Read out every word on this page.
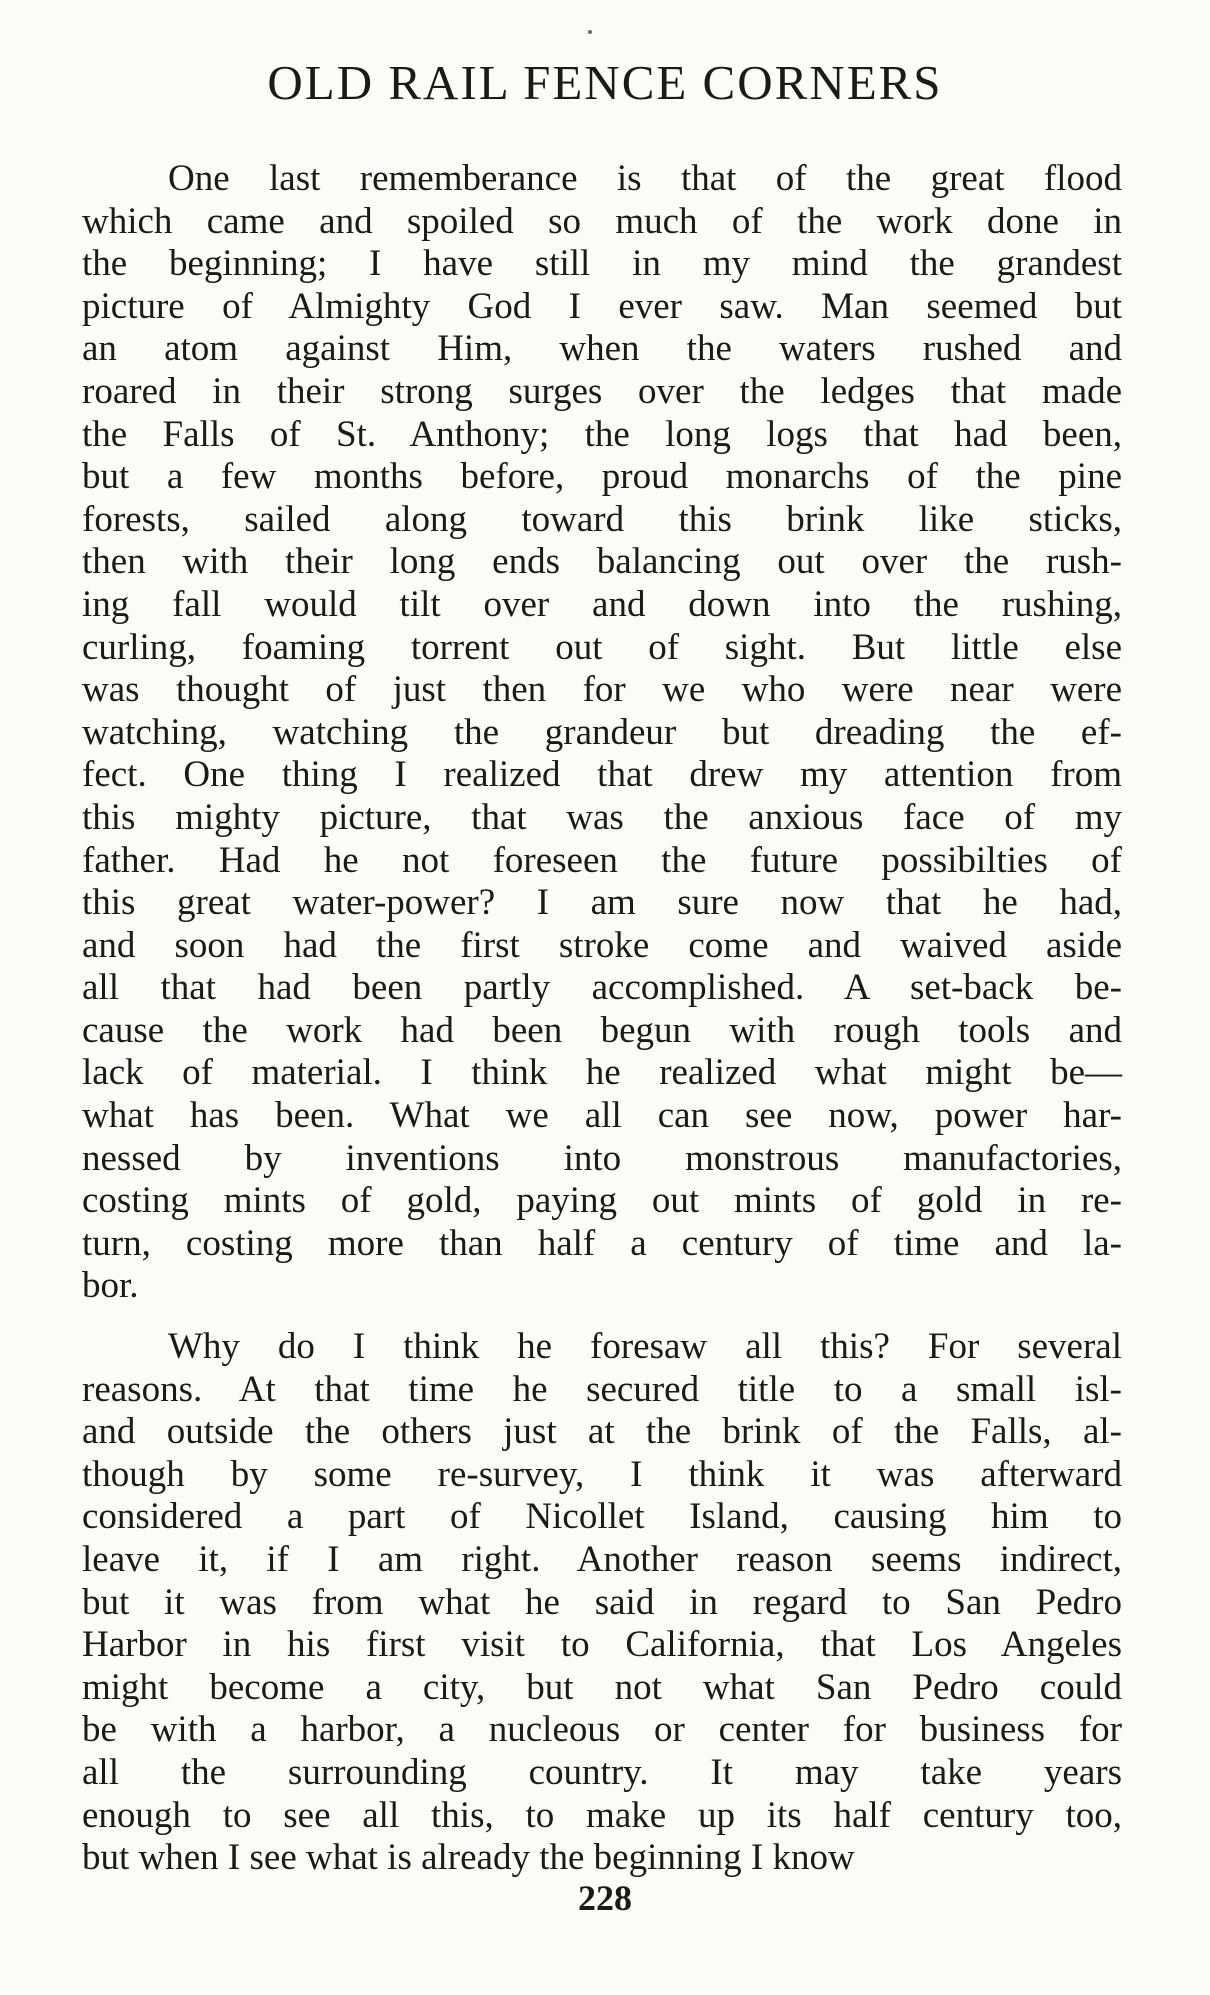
OLD RAIL FENCE CORNERS
One last rememberance is that of the great flood
which came and spoiled so much of the work done in
the beginning; I have still in my mind the grandest
picture of Almighty God I ever saw. Man seemed but
an atom against Him, when the waters rushed and
roared in their strong surges over the ledges that made
the Falls of St. Anthony; the long logs that had been,
but a few months before, proud monarchs of the pine
forests, sailed along toward this brink like sticks,
then with their long ends balancing out over the rush-
ing fall would tilt over and down into the rushing,
curling, foaming torrent out of sight. But little else
was thought of just then for we who were near were
watching, watching the grandeur but dreading the ef-
fect. One thing I realized that drew my attention from
this mighty picture, that was the anxious face of my
father. Had he not foreseen the future possibilties of
this great water-power? I am sure now that he had,
and soon had the first stroke come and waived aside
all that had been partly accomplished. A set-back be-
cause the work had been begun with rough tools and
lack of material. I think he realized what might be—
what has been. What we all can see now, power har-
nessed by inventions into monstrous manufactories,
costing mints of gold, paying out mints of gold in re-
turn, costing more than half a century of time and la-
bor.
Why do I think he foresaw all this? For several
reasons. At that time he secured title to a small isl-
and outside the others just at the brink of the Falls, al-
though by some re-survey, I think it was afterward
considered a part of Nicollet Island, causing him to
leave it, if I am right. Another reason seems indirect,
but it was from what he said in regard to San Pedro
Harbor in his first visit to California, that Los Angeles
might become a city, but not what San Pedro could
be with a harbor, a nucleous or center for business for
all the surrounding country. It may take years
enough to see all this, to make up its half century too,
but when I see what is already the beginning I know
228
